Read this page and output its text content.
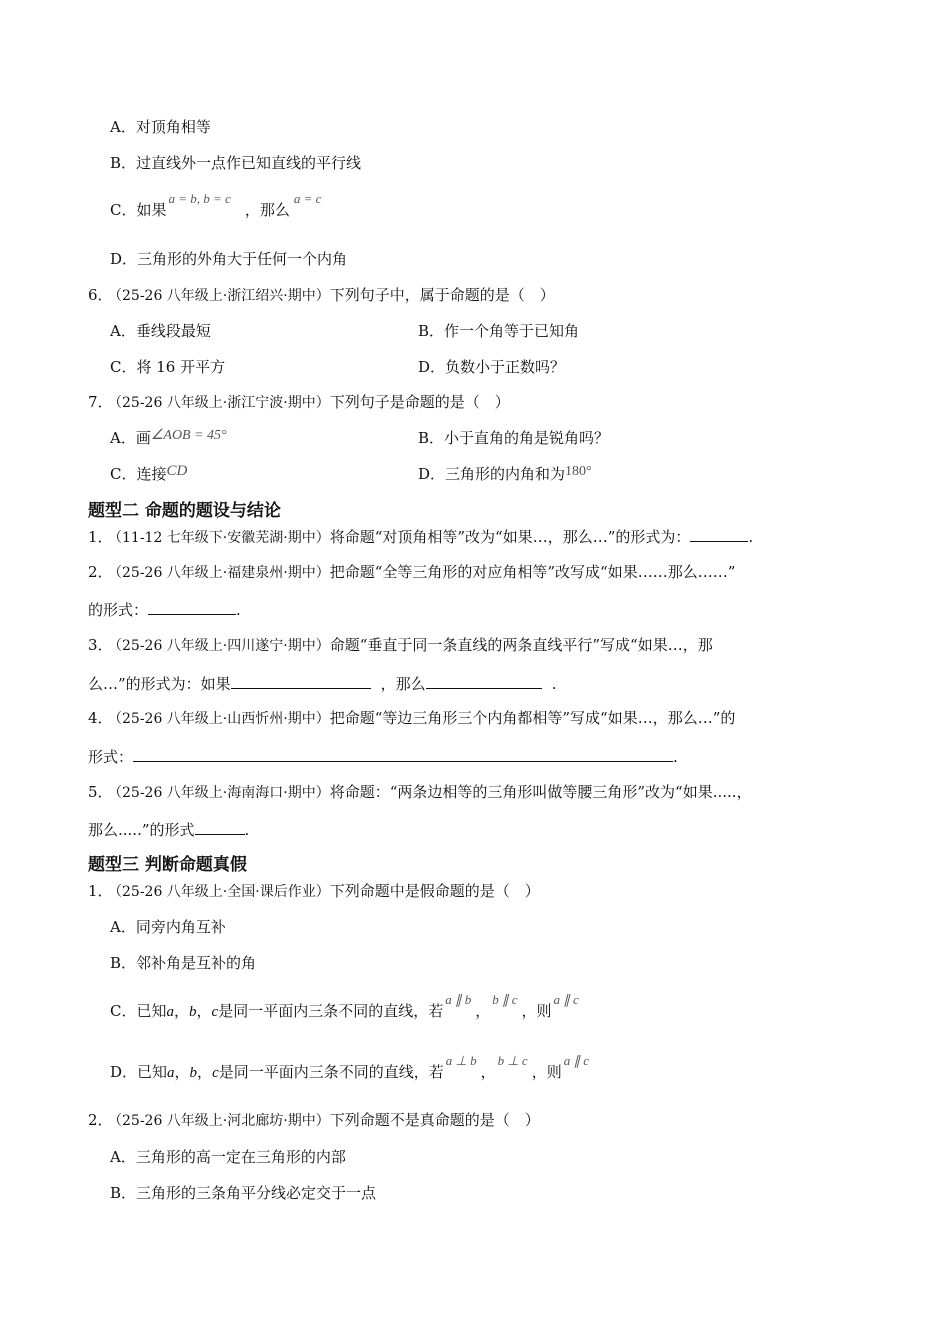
A．对顶角相等
B．过直线外一点作已知直线的平行线
C．如果a = b, b = c，那么a = c
D．三角形的外角大于任何一个内角
6．（25-26 八年级上·浙江绍兴·期中）下列句子中，属于命题的是（　）
A．垂线段最短	B．作一个角等于已知角
C．将 16 开平方	D．负数小于正数吗？
7．（25-26 八年级上·浙江宁波·期中）下列句子是命题的是（　）
A．画∠AOB = 45°	B．小于直角的角是锐角吗？
C．连接CD	D．三角形的内角和为180°
题型二 命题的题设与结论
1．（11-12 七年级下·安徽芜湖·期中）将命题“对顶角相等”改为“如果…，那么…”的形式为：	.
2．（25-26 八年级上·福建泉州·期中）把命题“全等三角形的对应角相等”改写成“如果……那么……”
的形式：	.
3．（25-26 八年级上·四川遂宁·期中）命题“垂直于同一条直线的两条直线平行”写成“如果…，那
么…”的形式为：如果	，那么	.
4．（25-26 八年级上·山西忻州·期中）把命题“等边三角形三个内角都相等”写成“如果…，那么…”的
形式：	.
5．（25-26 八年级上·海南海口·期中）将命题：“两条边相等的三角形叫做等腰三角形”改为“如果.....，
那么.....”的形式	.
题型三 判断命题真假
1．（25-26 八年级上·全国·课后作业）下列命题中是假命题的是（　）
A．同旁内角互补
B．邻补角是互补的角
C．已知a，b，c是同一平面内三条不同的直线，若a ∥ b，b ∥ c，则a ∥ c
D．已知a，b，c是同一平面内三条不同的直线，若a ⊥ b，b ⊥ c，则a ∥ c
2．（25-26 八年级上·河北廊坊·期中）下列命题不是真命题的是（　）
A．三角形的高一定在三角形的内部
B．三角形的三条角平分线必定交于一点
